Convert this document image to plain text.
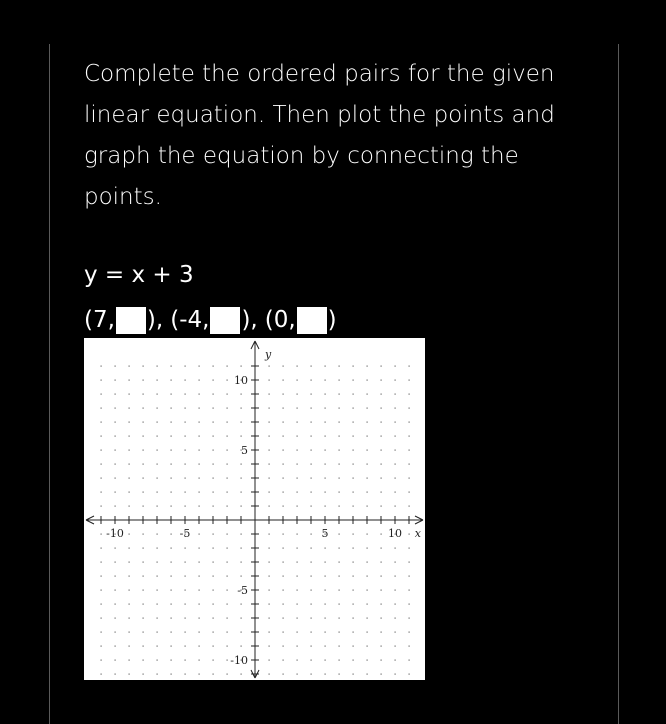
Complete the ordered pairs for the given
linear equation. Then plot the points and
graph the equation by connecting the
points.
y = x + 3
(7, ), (-4, ), (0, )
-10	-5	5	10
10
5
-5
-10
x
y
